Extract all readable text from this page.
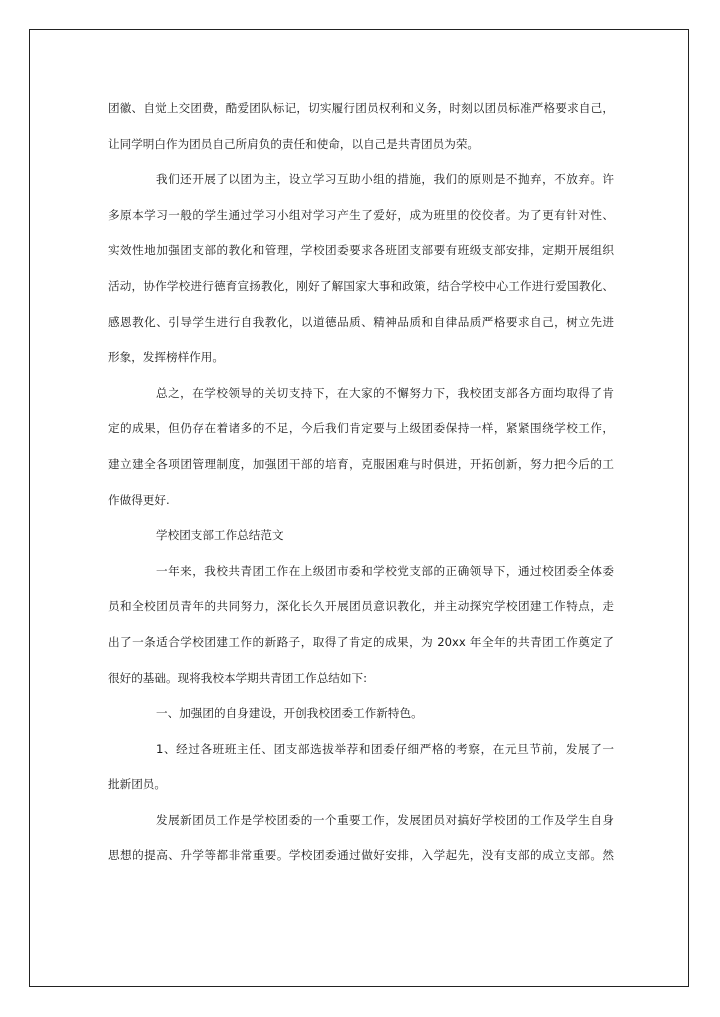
团徽、自觉上交团费，酷爱团队标记，切实履行团员权利和义务，时刻以团员标准严格要求自己，
让同学明白作为团员自己所肩负的责任和使命，以自己是共青团员为荣。
我们还开展了以团为主，设立学习互助小组的措施，我们的原则是不抛弃，不放弃。许
多原本学习一般的学生通过学习小组对学习产生了爱好，成为班里的佼佼者。为了更有针对性、
实效性地加强团支部的教化和管理，学校团委要求各班团支部要有班级支部安排，定期开展组织
活动，协作学校进行德育宣扬教化，刚好了解国家大事和政策，结合学校中心工作进行爱国教化、
感恩教化、引导学生进行自我教化，以道德品质、精神品质和自律品质严格要求自己，树立先进
形象，发挥榜样作用。
总之，在学校领导的关切支持下，在大家的不懈努力下，我校团支部各方面均取得了肯
定的成果，但仍存在着诸多的不足，今后我们肯定要与上级团委保持一样，紧紧围绕学校工作，
建立建全各项团管理制度，加强团干部的培育，克服困难与时俱进，开拓创新，努力把今后的工
作做得更好.
学校团支部工作总结范文
一年来，我校共青团工作在上级团市委和学校党支部的正确领导下，通过校团委全体委
员和全校团员青年的共同努力，深化长久开展团员意识教化，并主动探究学校团建工作特点，走
出了一条适合学校团建工作的新路子，取得了肯定的成果，为 20xx 年全年的共青团工作奠定了
很好的基础。现将我校本学期共青团工作总结如下:
一、加强团的自身建设，开创我校团委工作新特色。
1、经过各班班主任、团支部选拔举荐和团委仔细严格的考察，在元旦节前，发展了一
批新团员。
发展新团员工作是学校团委的一个重要工作，发展团员对搞好学校团的工作及学生自身
思想的提高、升学等都非常重要。学校团委通过做好安排，入学起先，没有支部的成立支部。然
